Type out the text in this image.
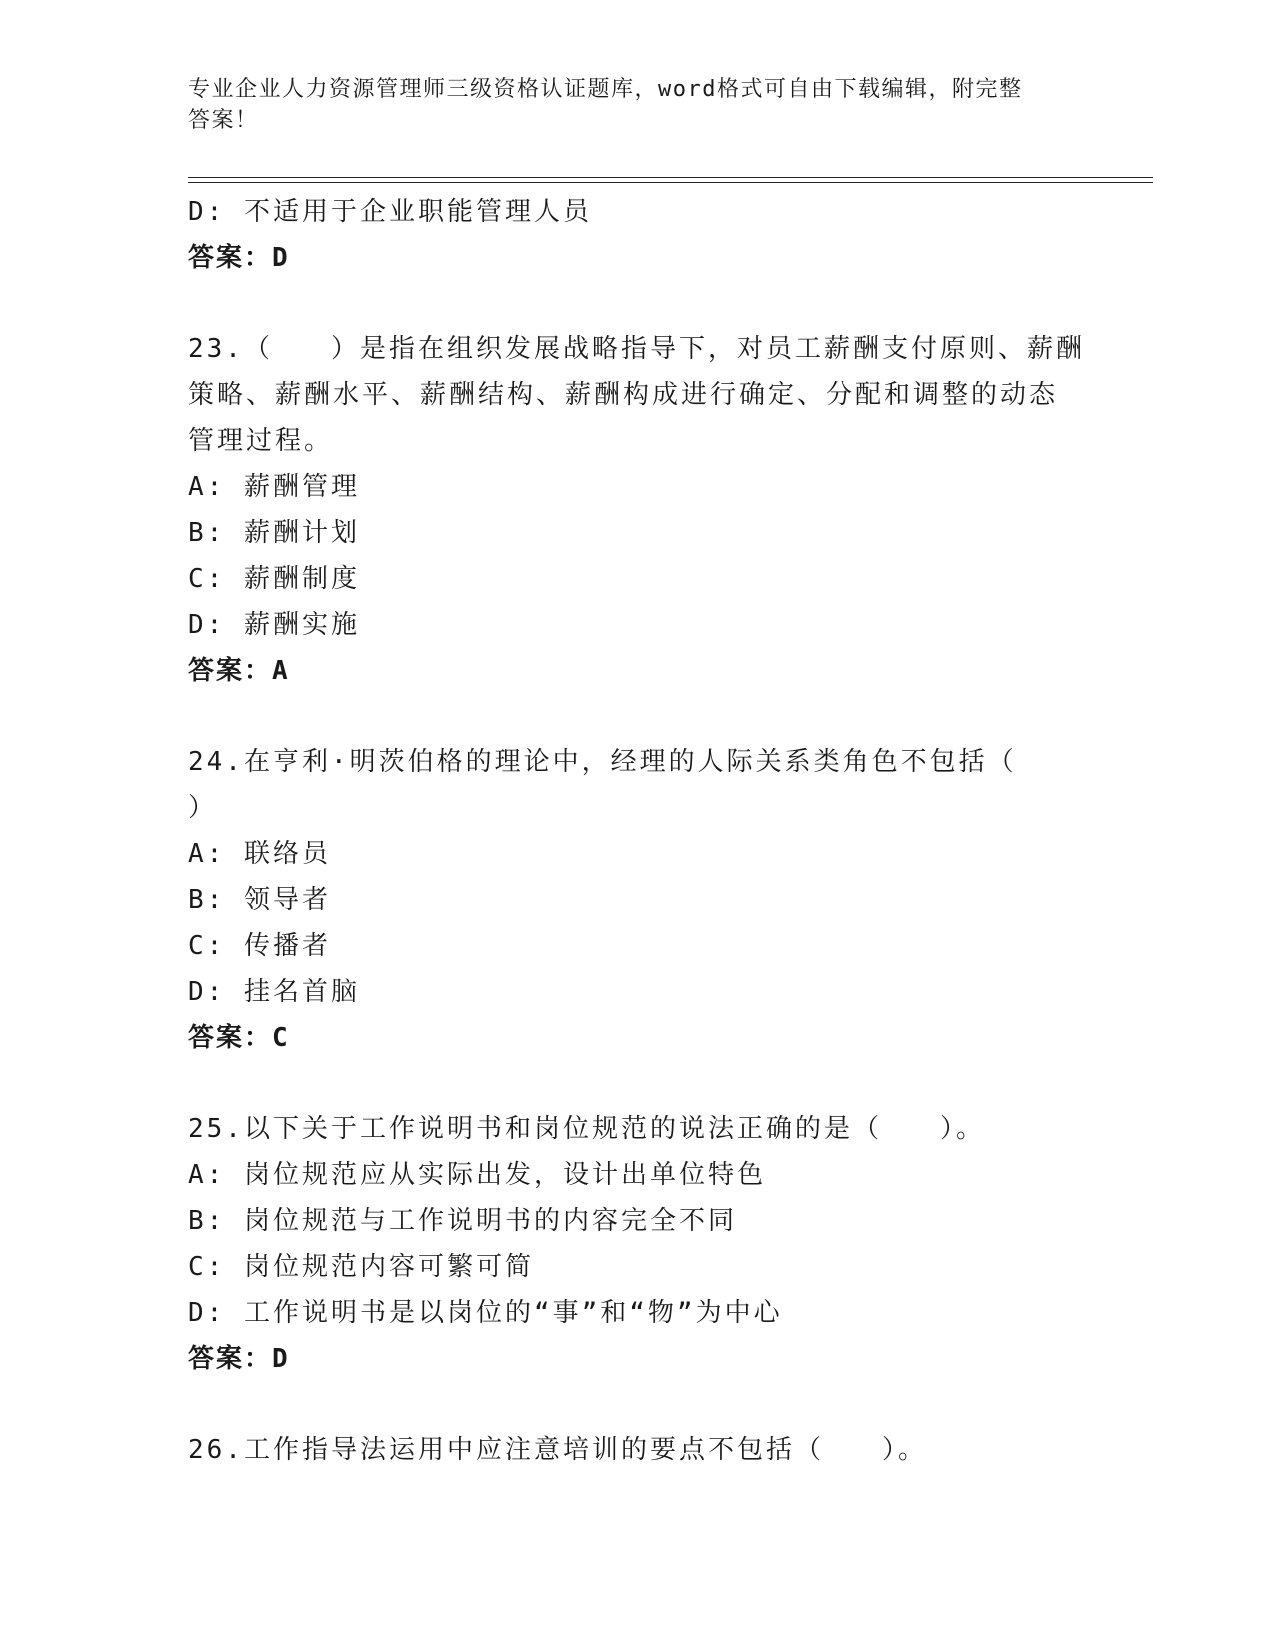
专业企业人力资源管理师三级资格认证题库，word格式可自由下载编辑，附完整
答案！
D: 不适用于企业职能管理人员
答案：D
23.（　　）是指在组织发展战略指导下，对员工薪酬支付原则、薪酬
策略、薪酬水平、薪酬结构、薪酬构成进行确定、分配和调整的动态
管理过程。
A: 薪酬管理
B: 薪酬计划
C: 薪酬制度
D: 薪酬实施
答案：A
24.在亨利·明茨伯格的理论中，经理的人际关系类角色不包括（
）
A: 联络员
B: 领导者
C: 传播者
D: 挂名首脑
答案：C
25.以下关于工作说明书和岗位规范的说法正确的是（　　）。
A: 岗位规范应从实际出发，设计出单位特色
B: 岗位规范与工作说明书的内容完全不同
C: 岗位规范内容可繁可简
D: 工作说明书是以岗位的“事”和“物”为中心
答案：D
26.工作指导法运用中应注意培训的要点不包括（　　）。
